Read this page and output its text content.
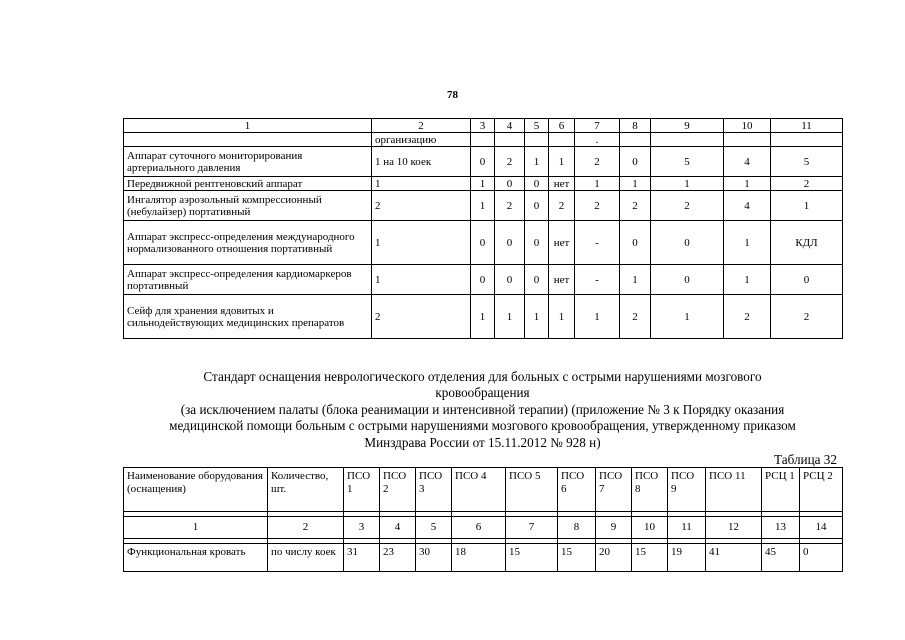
78
1	2	3	4	5	6	7	8	9	10	11
	организацию					.				
Аппарат суточного мониторирования артериального давления	1 на 10 коек	0	2	1	1	2	0	5	4	5
Передвижной рентгеновский аппарат	1	1	0	0	нет	1	1	1	1	2
Ингалятор аэрозольный компрессионный (небулайзер) портативный	2	1	2	0	2	2	2	2	4	1
Аппарат экспресс-определения международного нормализованного отношения портативный	1	0	0	0	нет	-	0	0	1	КДЛ
Аппарат экспресс-определения кардиомаркеров портативный	1	0	0	0	нет	-	1	0	1	0
Сейф для хранения ядовитых и сильнодействующих медицинских препаратов	2	1	1	1	1	1	2	1	2	2
Стандарт оснащения неврологического отделения для больных с острыми нарушениями мозгового
кровообращения
(за исключением палаты (блока реанимации и интенсивной терапии) (приложение № 3 к Порядку оказания
медицинской помощи больным с острыми нарушениями мозгового кровообращения, утвержденному приказом
Минздрава России от 15.11.2012 № 928 н)
Таблица 32
Наименование оборудования (оснащения)	Количество, шт.	ПСО 1	ПСО 2	ПСО 3	ПСО 4	ПСО 5	ПСО 6	ПСО 7	ПСО 8	ПСО 9	ПСО 11	РСЦ 1	РСЦ 2

1	2	3	4	5	6	7	8	9	10	11	12	13	14

Функциональная кровать	по числу коек	31	23	30	18	15	15	20	15	19	41	45	0
